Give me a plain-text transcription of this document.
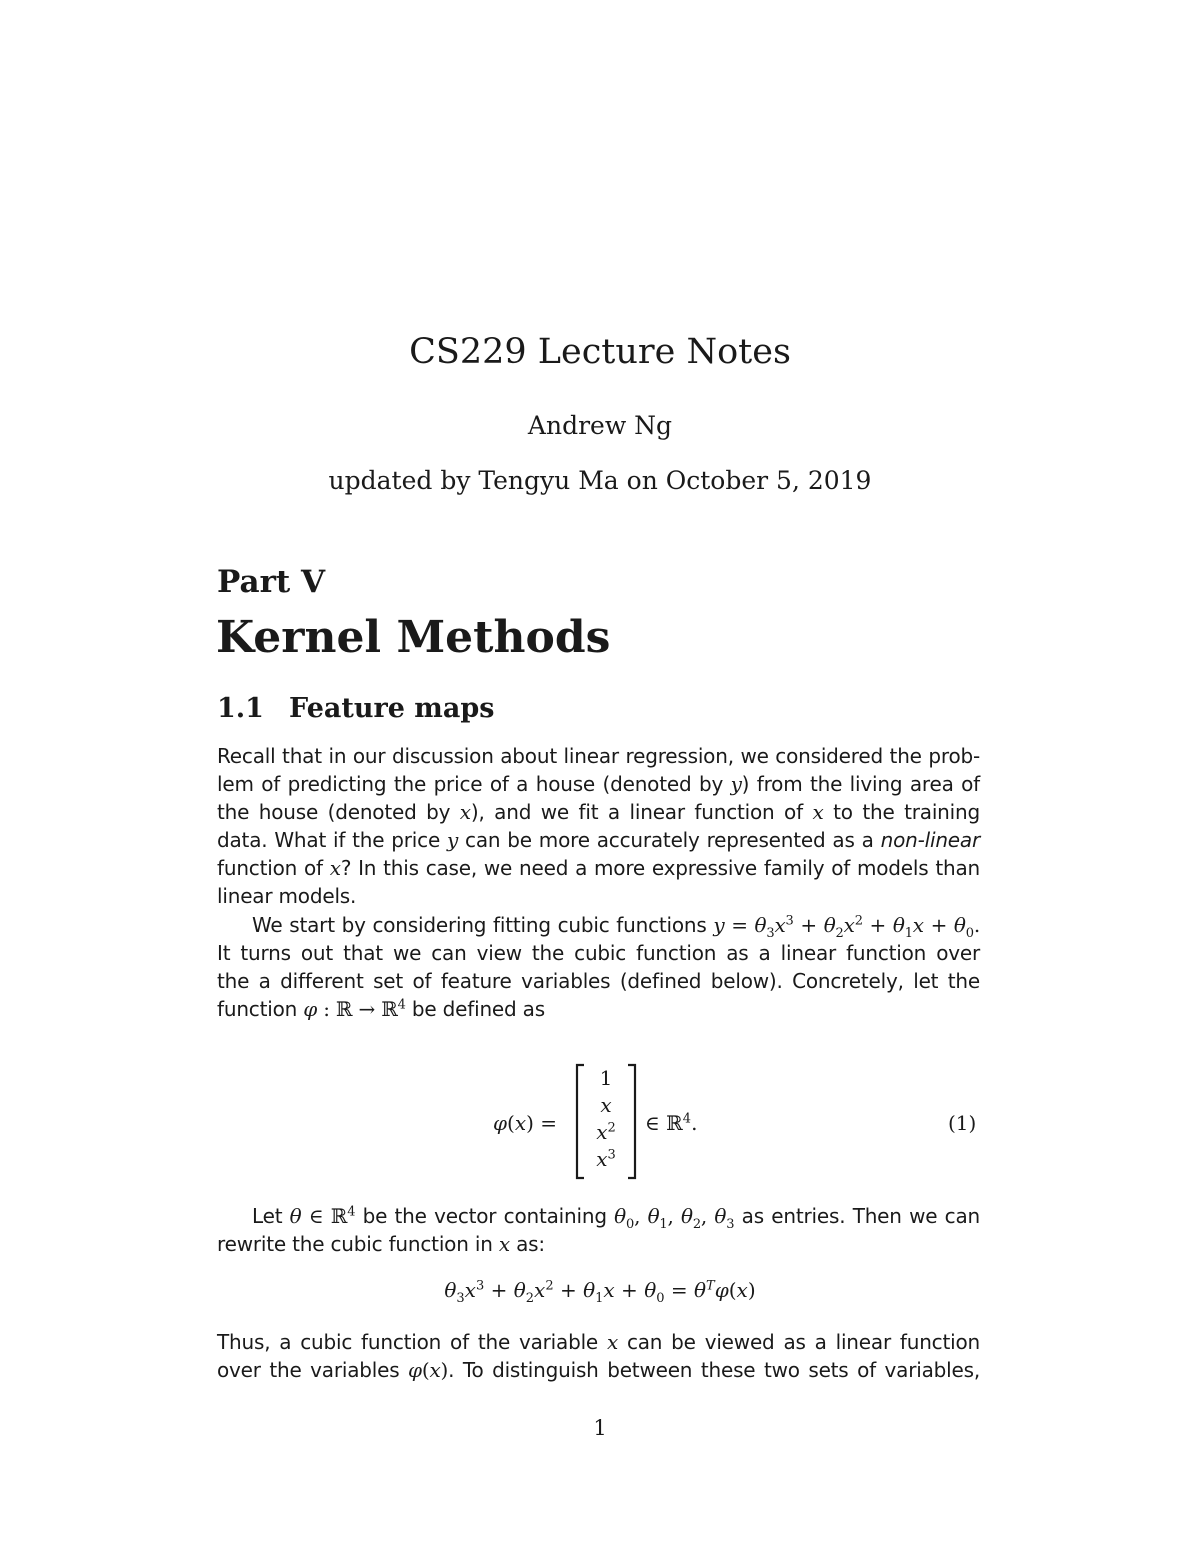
CS229 Lecture Notes
Andrew Ng
updated by Tengyu Ma on October 5, 2019
Part V
Kernel Methods
1.1 Feature maps
Recall that in our discussion about linear regression, we considered the prob-
lem of predicting the price of a house (denoted by y) from the living area of
the house (denoted by x), and we fit a linear function of x to the training
data. What if the price y can be more accurately represented as a non-linear
function of x? In this case, we need a more expressive family of models than
linear models.
We start by considering fitting cubic functions $y = \theta_3x^3 + \theta_2x^2 + \theta_1x + \theta_0$.
It turns out that we can view the cubic function as a linear function over
the a different set of feature variables (defined below). Concretely, let the
function φ : ℝ → ℝ$^4$ be defined as
φ(x) =
1
x
$x^2$
$x^3$
∈ ℝ$^4$.	(1)
Let θ ∈ ℝ$^4$ be the vector containing $\theta_0$, $\theta_1$, $\theta_2$, $\theta_3$ as entries. Then we can
rewrite the cubic function in x as:
$\theta_3x^3 + \theta_2x^2 + \theta_1x + \theta_0 = \theta^T\varphi(x)$
Thus, a cubic function of the variable x can be viewed as a linear function
over the variables φ(x). To distinguish between these two sets of variables,
1
